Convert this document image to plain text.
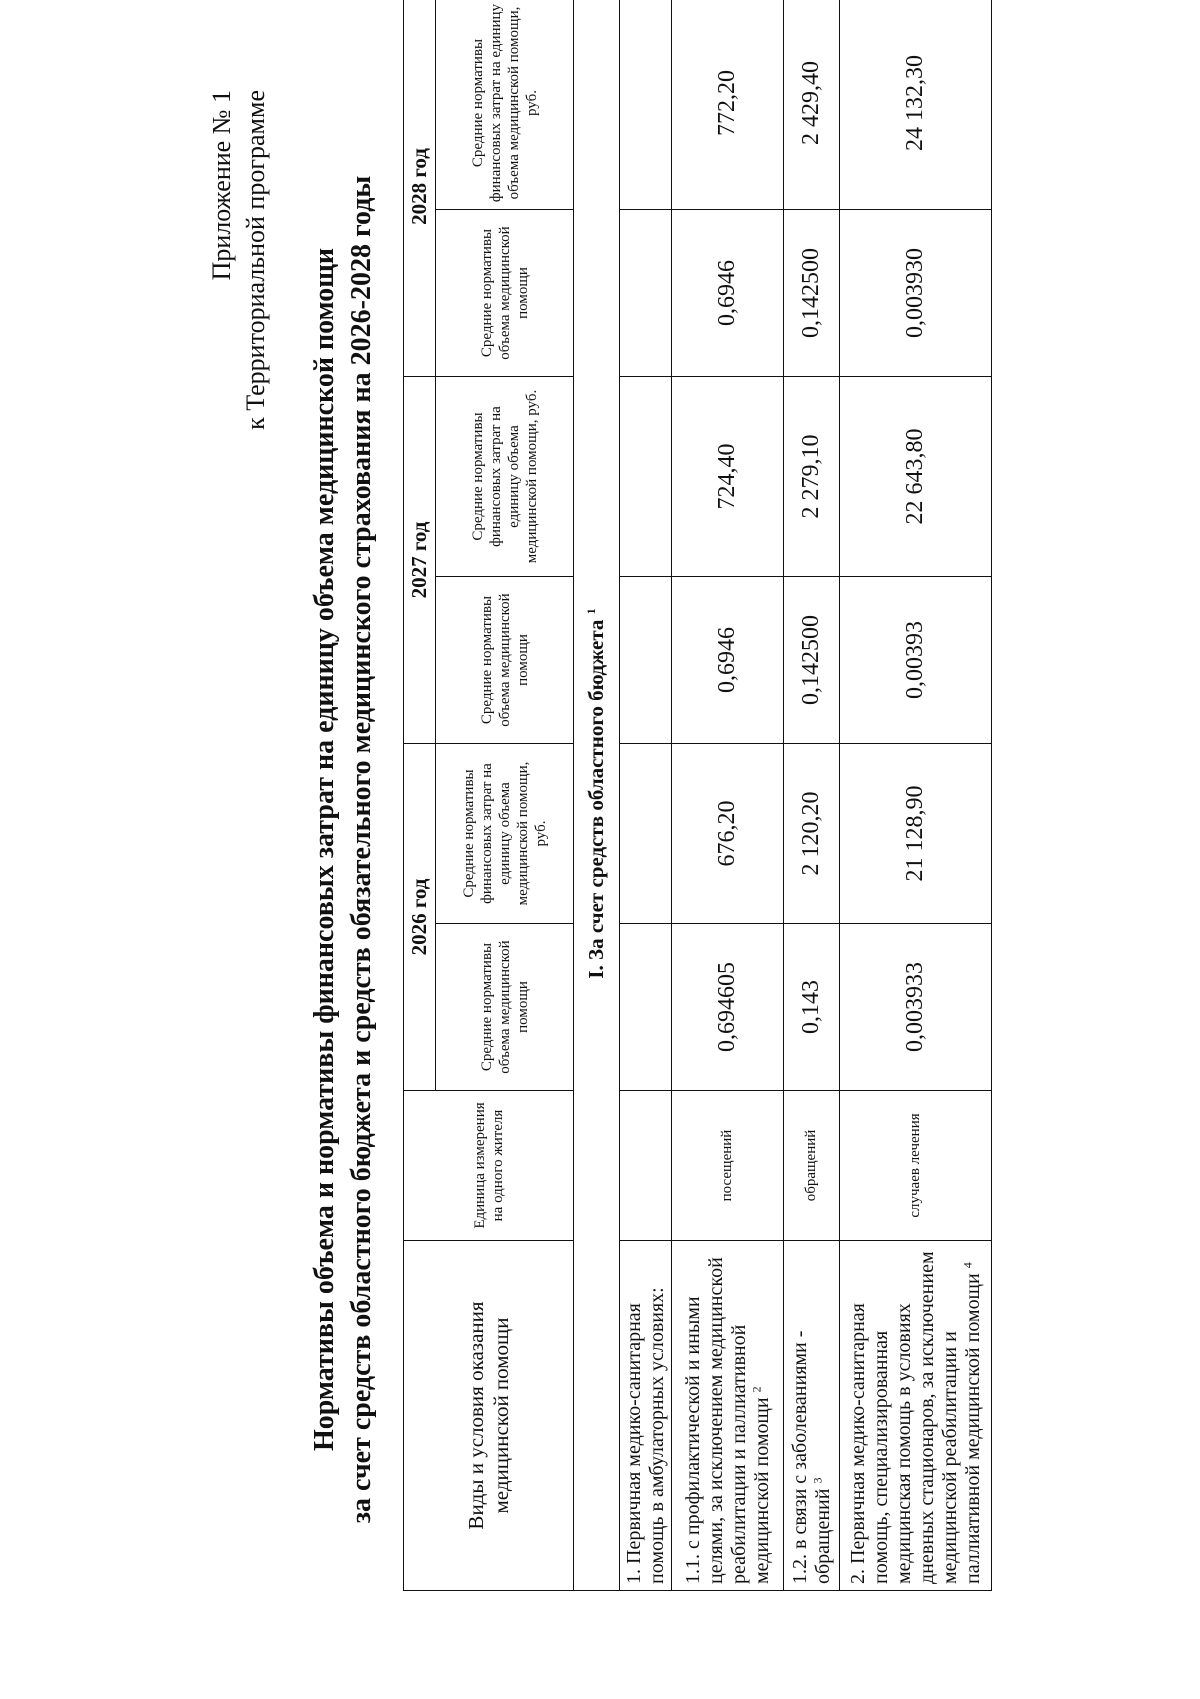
Приложение № 1 к Территориальной программе Нормативы объема и нормативы финансовых затрат на единицу объема медицинской помощи за счет средств областного бюджета и средств обязательного медицинского страхования на 2026-2028 годы	Виды и условия оказания медицинской помощи	Единица измерения на одного жителя	2026 год		2027 год		2028 год	
		Средние нормативы объема медицинской помощи	Средние нормативы финансовых затрат на единицу объема медицинской помощи, руб.	Средние нормативы объема медицинской помощи	Средние нормативы финансовых затрат на единицу объема медицинской помощи, руб.	Средние нормативы объема медицинской помощи	Средние нормативы финансовых затрат на единицу объема медицинской помощи, руб.
I. За счет средств областного бюджета $^1$
1. Первичная медико-санитарная помощь в амбулаторных условиях:							
1.1. с профилактической и иными целями, за исключением медицинской реабилитации и паллиативной медицинской помощи $^2$	посещений	0,694605	676,20	0,6946	724,40	0,6946	772,20
1.2. в связи с заболеваниями - обращений $^3$	обращений	0,143	2 120,20	0,142500	2 279,10	0,142500	2 429,40
2. Первичная медико-санитарная помощь, специализированная медицинская помощь в условиях дневных стационаров, за исключением медицинской реабилитации и паллиативной медицинской помощи $^4$	случаев лечения	0,003933	21 128,90	0,00393	22 643,80	0,003930	24 132,30
